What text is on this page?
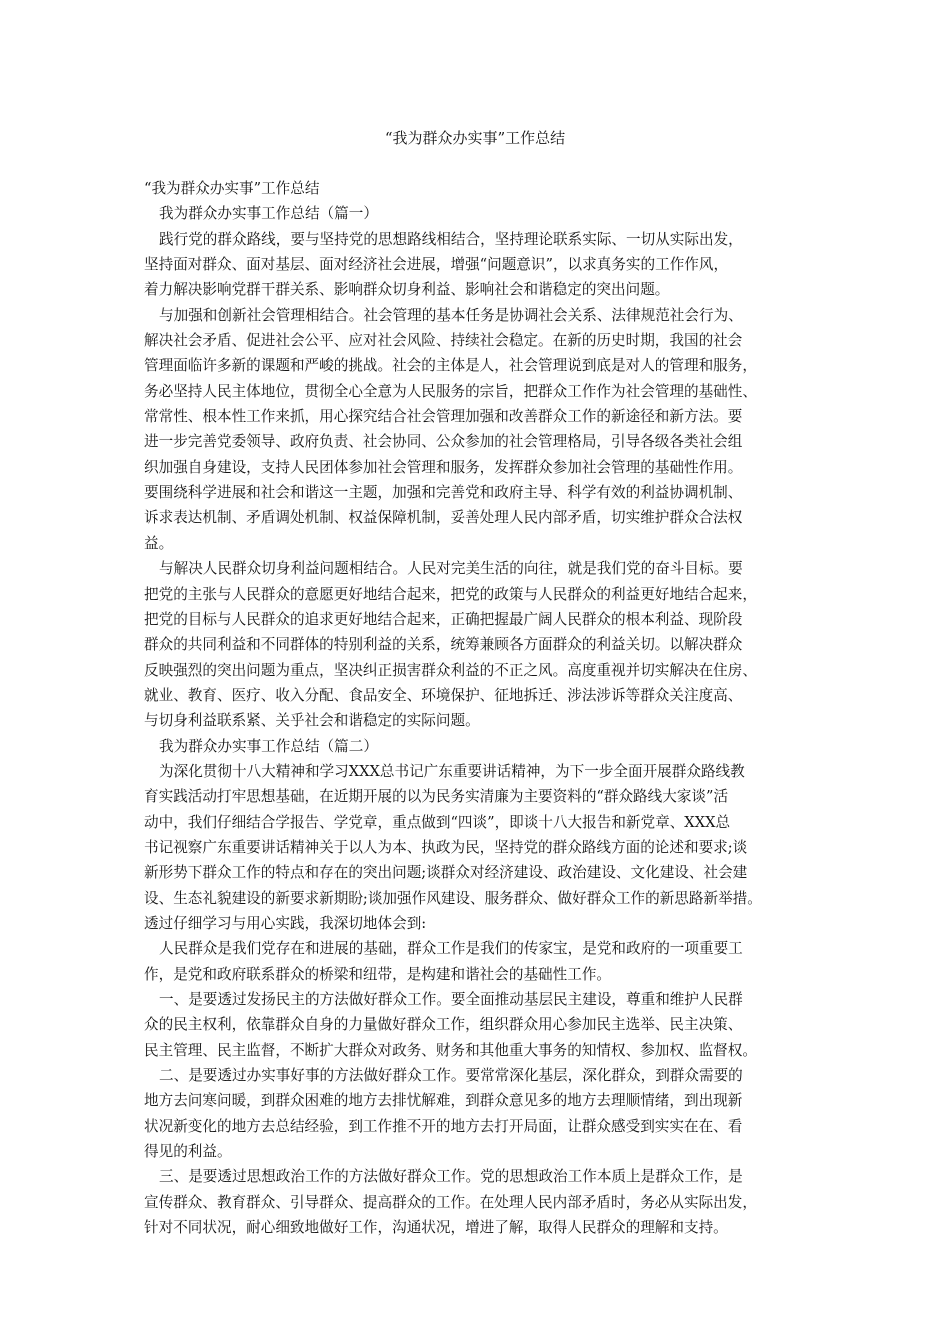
“我为群众办实事”工作总结
“我为群众办实事”工作总结
我为群众办实事工作总结（篇一）
践行党的群众路线，要与坚持党的思想路线相结合，坚持理论联系实际、一切从实际出发，
坚持面对群众、面对基层、面对经济社会进展，增强“问题意识”，以求真务实的工作作风，
着力解决影响党群干群关系、影响群众切身利益、影响社会和谐稳定的突出问题。
与加强和创新社会管理相结合。社会管理的基本任务是协调社会关系、法律规范社会行为、
解决社会矛盾、促进社会公平、应对社会风险、持续社会稳定。在新的历史时期，我国的社会
管理面临许多新的课题和严峻的挑战。社会的主体是人，社会管理说到底是对人的管理和服务，
务必坚持人民主体地位，贯彻全心全意为人民服务的宗旨，把群众工作作为社会管理的基础性、
常常性、根本性工作来抓，用心探究结合社会管理加强和改善群众工作的新途径和新方法。要
进一步完善党委领导、政府负责、社会协同、公众参加的社会管理格局，引导各级各类社会组
织加强自身建设，支持人民团体参加社会管理和服务，发挥群众参加社会管理的基础性作用。
要围绕科学进展和社会和谐这一主题，加强和完善党和政府主导、科学有效的利益协调机制、
诉求表达机制、矛盾调处机制、权益保障机制，妥善处理人民内部矛盾，切实维护群众合法权
益。
与解决人民群众切身利益问题相结合。人民对完美生活的向往，就是我们党的奋斗目标。要
把党的主张与人民群众的意愿更好地结合起来，把党的政策与人民群众的利益更好地结合起来，
把党的目标与人民群众的追求更好地结合起来，正确把握最广阔人民群众的根本利益、现阶段
群众的共同利益和不同群体的特别利益的关系，统筹兼顾各方面群众的利益关切。以解决群众
反映强烈的突出问题为重点，坚决纠正损害群众利益的不正之风。高度重视并切实解决在住房、
就业、教育、医疗、收入分配、食品安全、环境保护、征地拆迁、涉法涉诉等群众关注度高、
与切身利益联系紧、关乎社会和谐稳定的实际问题。
我为群众办实事工作总结（篇二）
为深化贯彻十八大精神和学习XXX总书记广东重要讲话精神，为下一步全面开展群众路线教
育实践活动打牢思想基础，在近期开展的以为民务实清廉为主要资料的“群众路线大家谈”活
动中，我们仔细结合学报告、学党章，重点做到“四谈”，即谈十八大报告和新党章、XXX总
书记视察广东重要讲话精神关于以人为本、执政为民，坚持党的群众路线方面的论述和要求;谈
新形势下群众工作的特点和存在的突出问题;谈群众对经济建设、政治建设、文化建设、社会建
设、生态礼貌建设的新要求新期盼;谈加强作风建设、服务群众、做好群众工作的新思路新举措。
透过仔细学习与用心实践，我深切地体会到:
人民群众是我们党存在和进展的基础，群众工作是我们的传家宝，是党和政府的一项重要工
作，是党和政府联系群众的桥梁和纽带，是构建和谐社会的基础性工作。
一、是要透过发扬民主的方法做好群众工作。要全面推动基层民主建设，尊重和维护人民群
众的民主权利，依靠群众自身的力量做好群众工作，组织群众用心参加民主选举、民主决策、
民主管理、民主监督，不断扩大群众对政务、财务和其他重大事务的知情权、参加权、监督权。
二、是要透过办实事好事的方法做好群众工作。要常常深化基层，深化群众，到群众需要的
地方去问寒问暖，到群众困难的地方去排忧解难，到群众意见多的地方去理顺情绪，到出现新
状况新变化的地方去总结经验，到工作推不开的地方去打开局面，让群众感受到实实在在、看
得见的利益。
三、是要透过思想政治工作的方法做好群众工作。党的思想政治工作本质上是群众工作，是
宣传群众、教育群众、引导群众、提高群众的工作。在处理人民内部矛盾时，务必从实际出发，
针对不同状况，耐心细致地做好工作，沟通状况，增进了解，取得人民群众的理解和支持。
